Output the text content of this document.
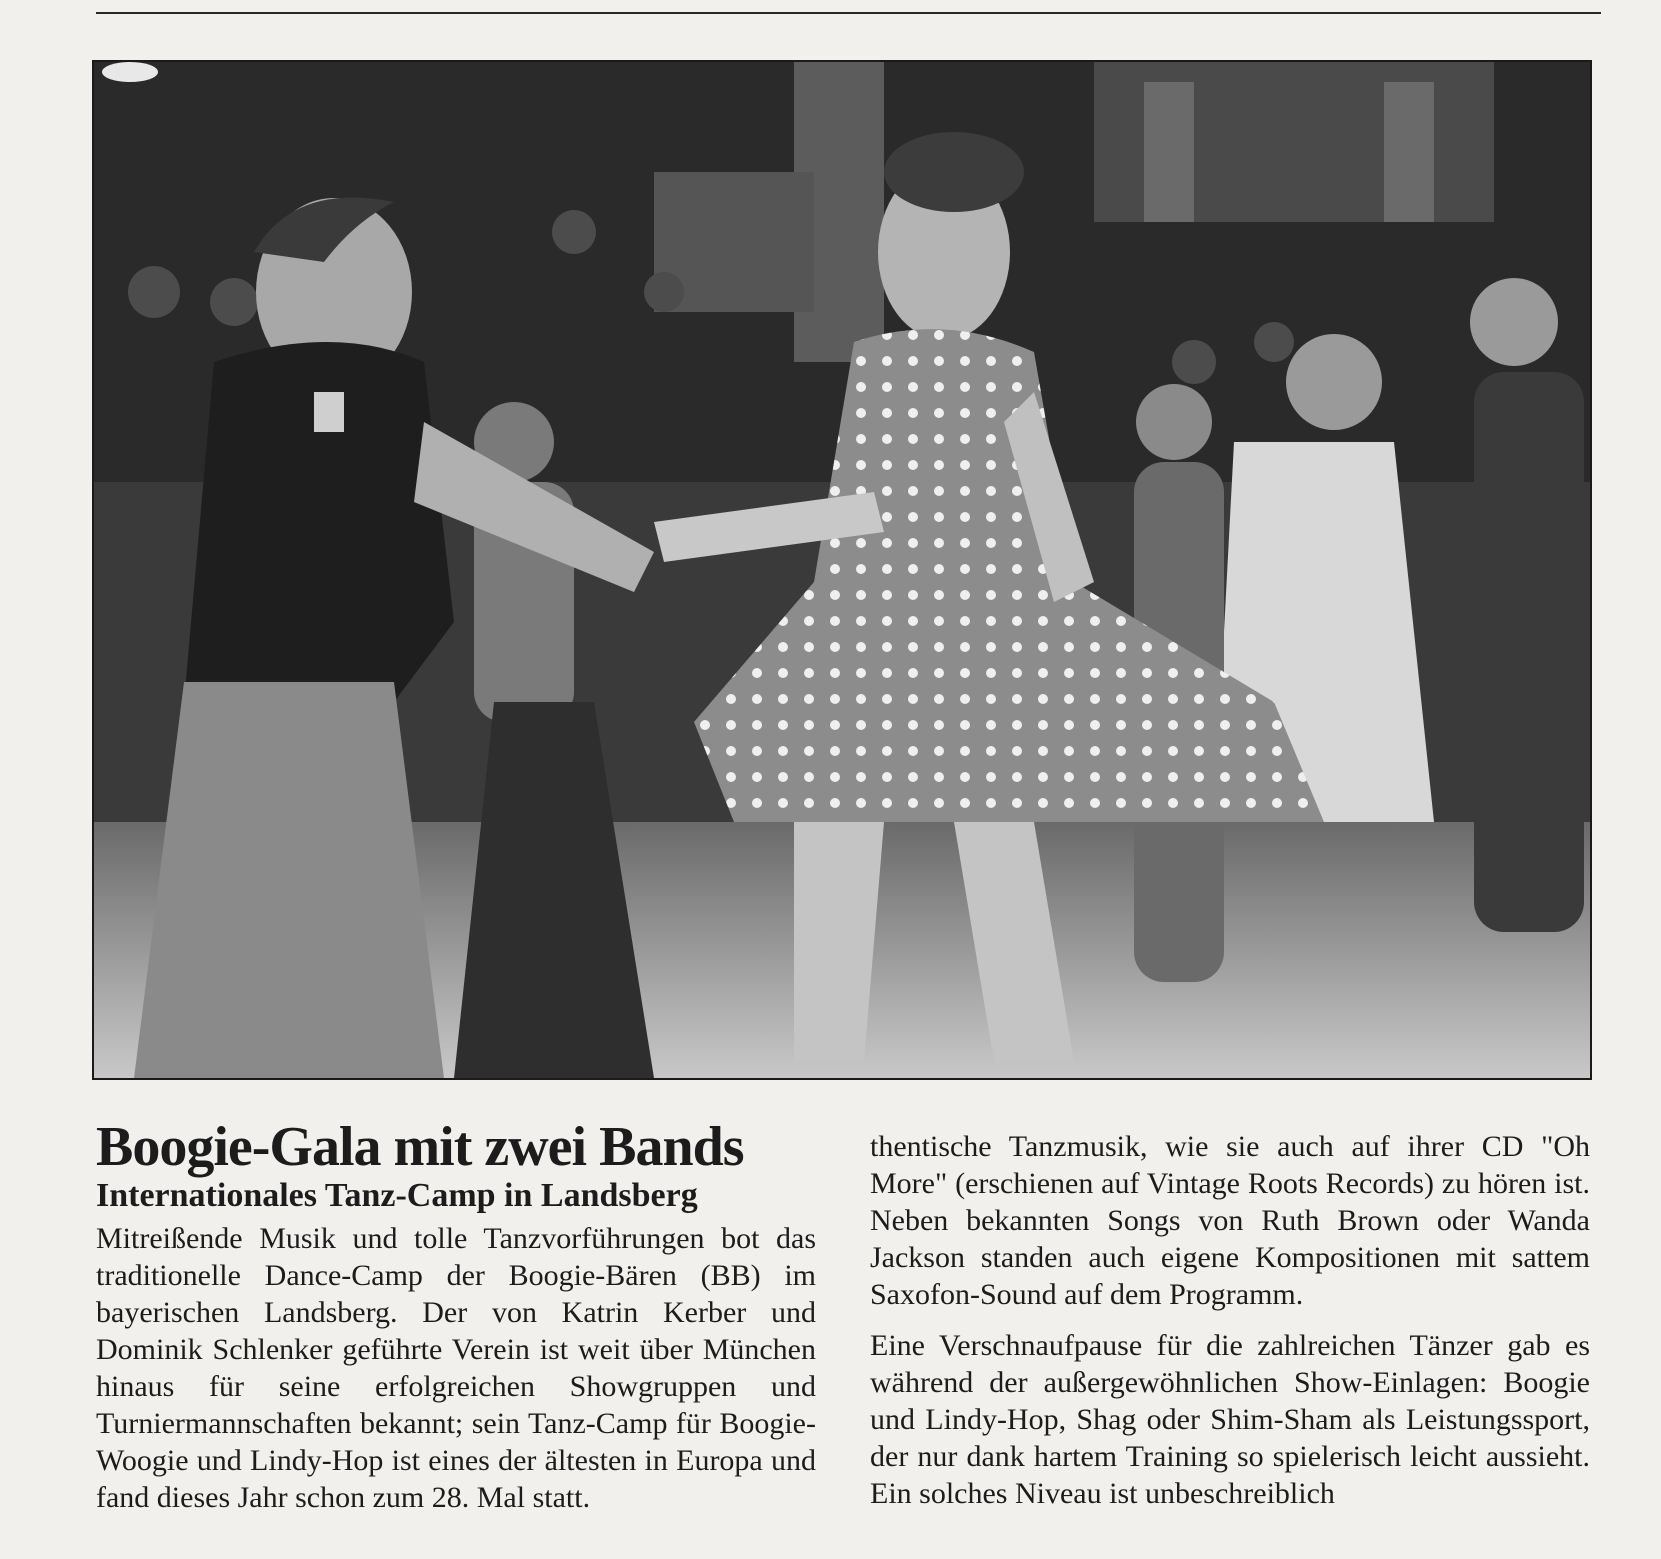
Boogie-Gala mit zwei Bands
Internationales Tanz-Camp in Landsberg

Mitreißende Musik und tolle Tanzvorführungen bot das traditionelle Dance-Camp der Boogie-Bären (BB) im bayerischen Landsberg. Der von Katrin Kerber und Dominik Schlenker geführte Verein ist weit über München hinaus für seine erfolgreichen Showgruppen und Turniermannschaften bekannt; sein Tanz-Camp für Boogie-Woogie und Lindy-Hop ist eines der ältesten in Europa und fand dieses Jahr schon zum 28. Mal statt.

thentische Tanzmusik, wie sie auch auf ihrer CD "Oh More" (erschienen auf Vintage Roots Records) zu hören ist. Neben bekannten Songs von Ruth Brown oder Wanda Jackson standen auch eigene Kompositionen mit sattem Saxofon-Sound auf dem Programm.

Eine Verschnaufpause für die zahlreichen Tänzer gab es während der außergewöhnlichen Show-Einlagen: Boogie und Lindy-Hop, Shag oder Shim-Sham als Leistungssport, der nur dank hartem Training so spielerisch leicht aussieht. Ein solches Niveau ist unbeschreiblich
